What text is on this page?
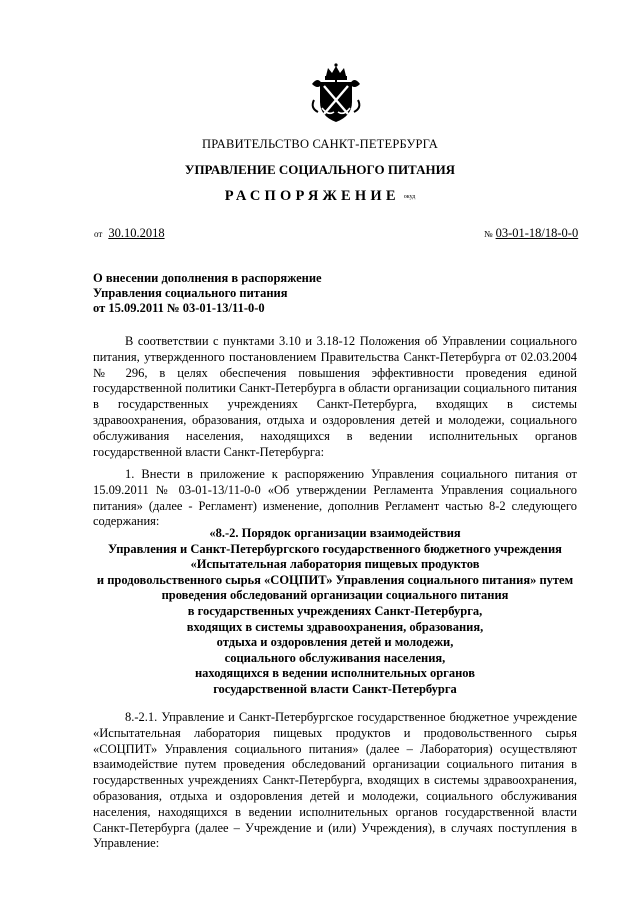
ПРАВИТЕЛЬСТВО САНКТ-ПЕТЕРБУРГА
УПРАВЛЕНИЕ СОЦИАЛЬНОГО ПИТАНИЯ
РАСПОРЯЖЕНИЕ окуд
от 30.10.2018	№ 03-01-18/18-0-0
О внесении дополнения в распоряжение
Управления социального питания
от 15.09.2011 № 03-01-13/11-0-0

В соответствии с пунктами 3.10 и 3.18-12 Положения об Управлении социального питания, утвержденного постановлением Правительства Санкт-Петербурга от 02.03.2004 № 296, в целях обеспечения повышения эффективности проведения единой государственной политики Санкт-Петербурга в области организации социального питания в государственных учреждениях Санкт-Петербурга, входящих в системы здравоохранения, образования, отдыха и оздоровления детей и молодежи, социального обслуживания населения, находящихся в ведении исполнительных органов государственной власти Санкт-Петербурга:

1. Внести в приложение к распоряжению Управления социального питания от 15.09.2011 № 03-01-13/11-0-0 «Об утверждении Регламента Управления социального питания» (далее - Регламент) изменение, дополнив Регламент частью 8-2 следующего содержания:

«8.-2. Порядок организации взаимодействия
Управления и Санкт-Петербургского государственного бюджетного учреждения
«Испытательная лаборатория пищевых продуктов
и продовольственного сырья «СОЦПИТ» Управления социального питания» путем
проведения обследований организации социального питания
в государственных учреждениях Санкт-Петербурга,
входящих в системы здравоохранения, образования,
отдыха и оздоровления детей и молодежи,
социального обслуживания населения,
находящихся в ведении исполнительных органов
государственной власти Санкт-Петербурга

8.-2.1. Управление и Санкт-Петербургское государственное бюджетное учреждение «Испытательная лаборатория пищевых продуктов и продовольственного сырья «СОЦПИТ» Управления социального питания» (далее – Лаборатория) осуществляют взаимодействие путем проведения обследований организации социального питания в государственных учреждениях Санкт-Петербурга, входящих в системы здравоохранения, образования, отдыха и оздоровления детей и молодежи, социального обслуживания населения, находящихся в ведении исполнительных органов государственной власти Санкт-Петербурга (далее – Учреждение и (или) Учреждения), в случаях поступления в Управление:
